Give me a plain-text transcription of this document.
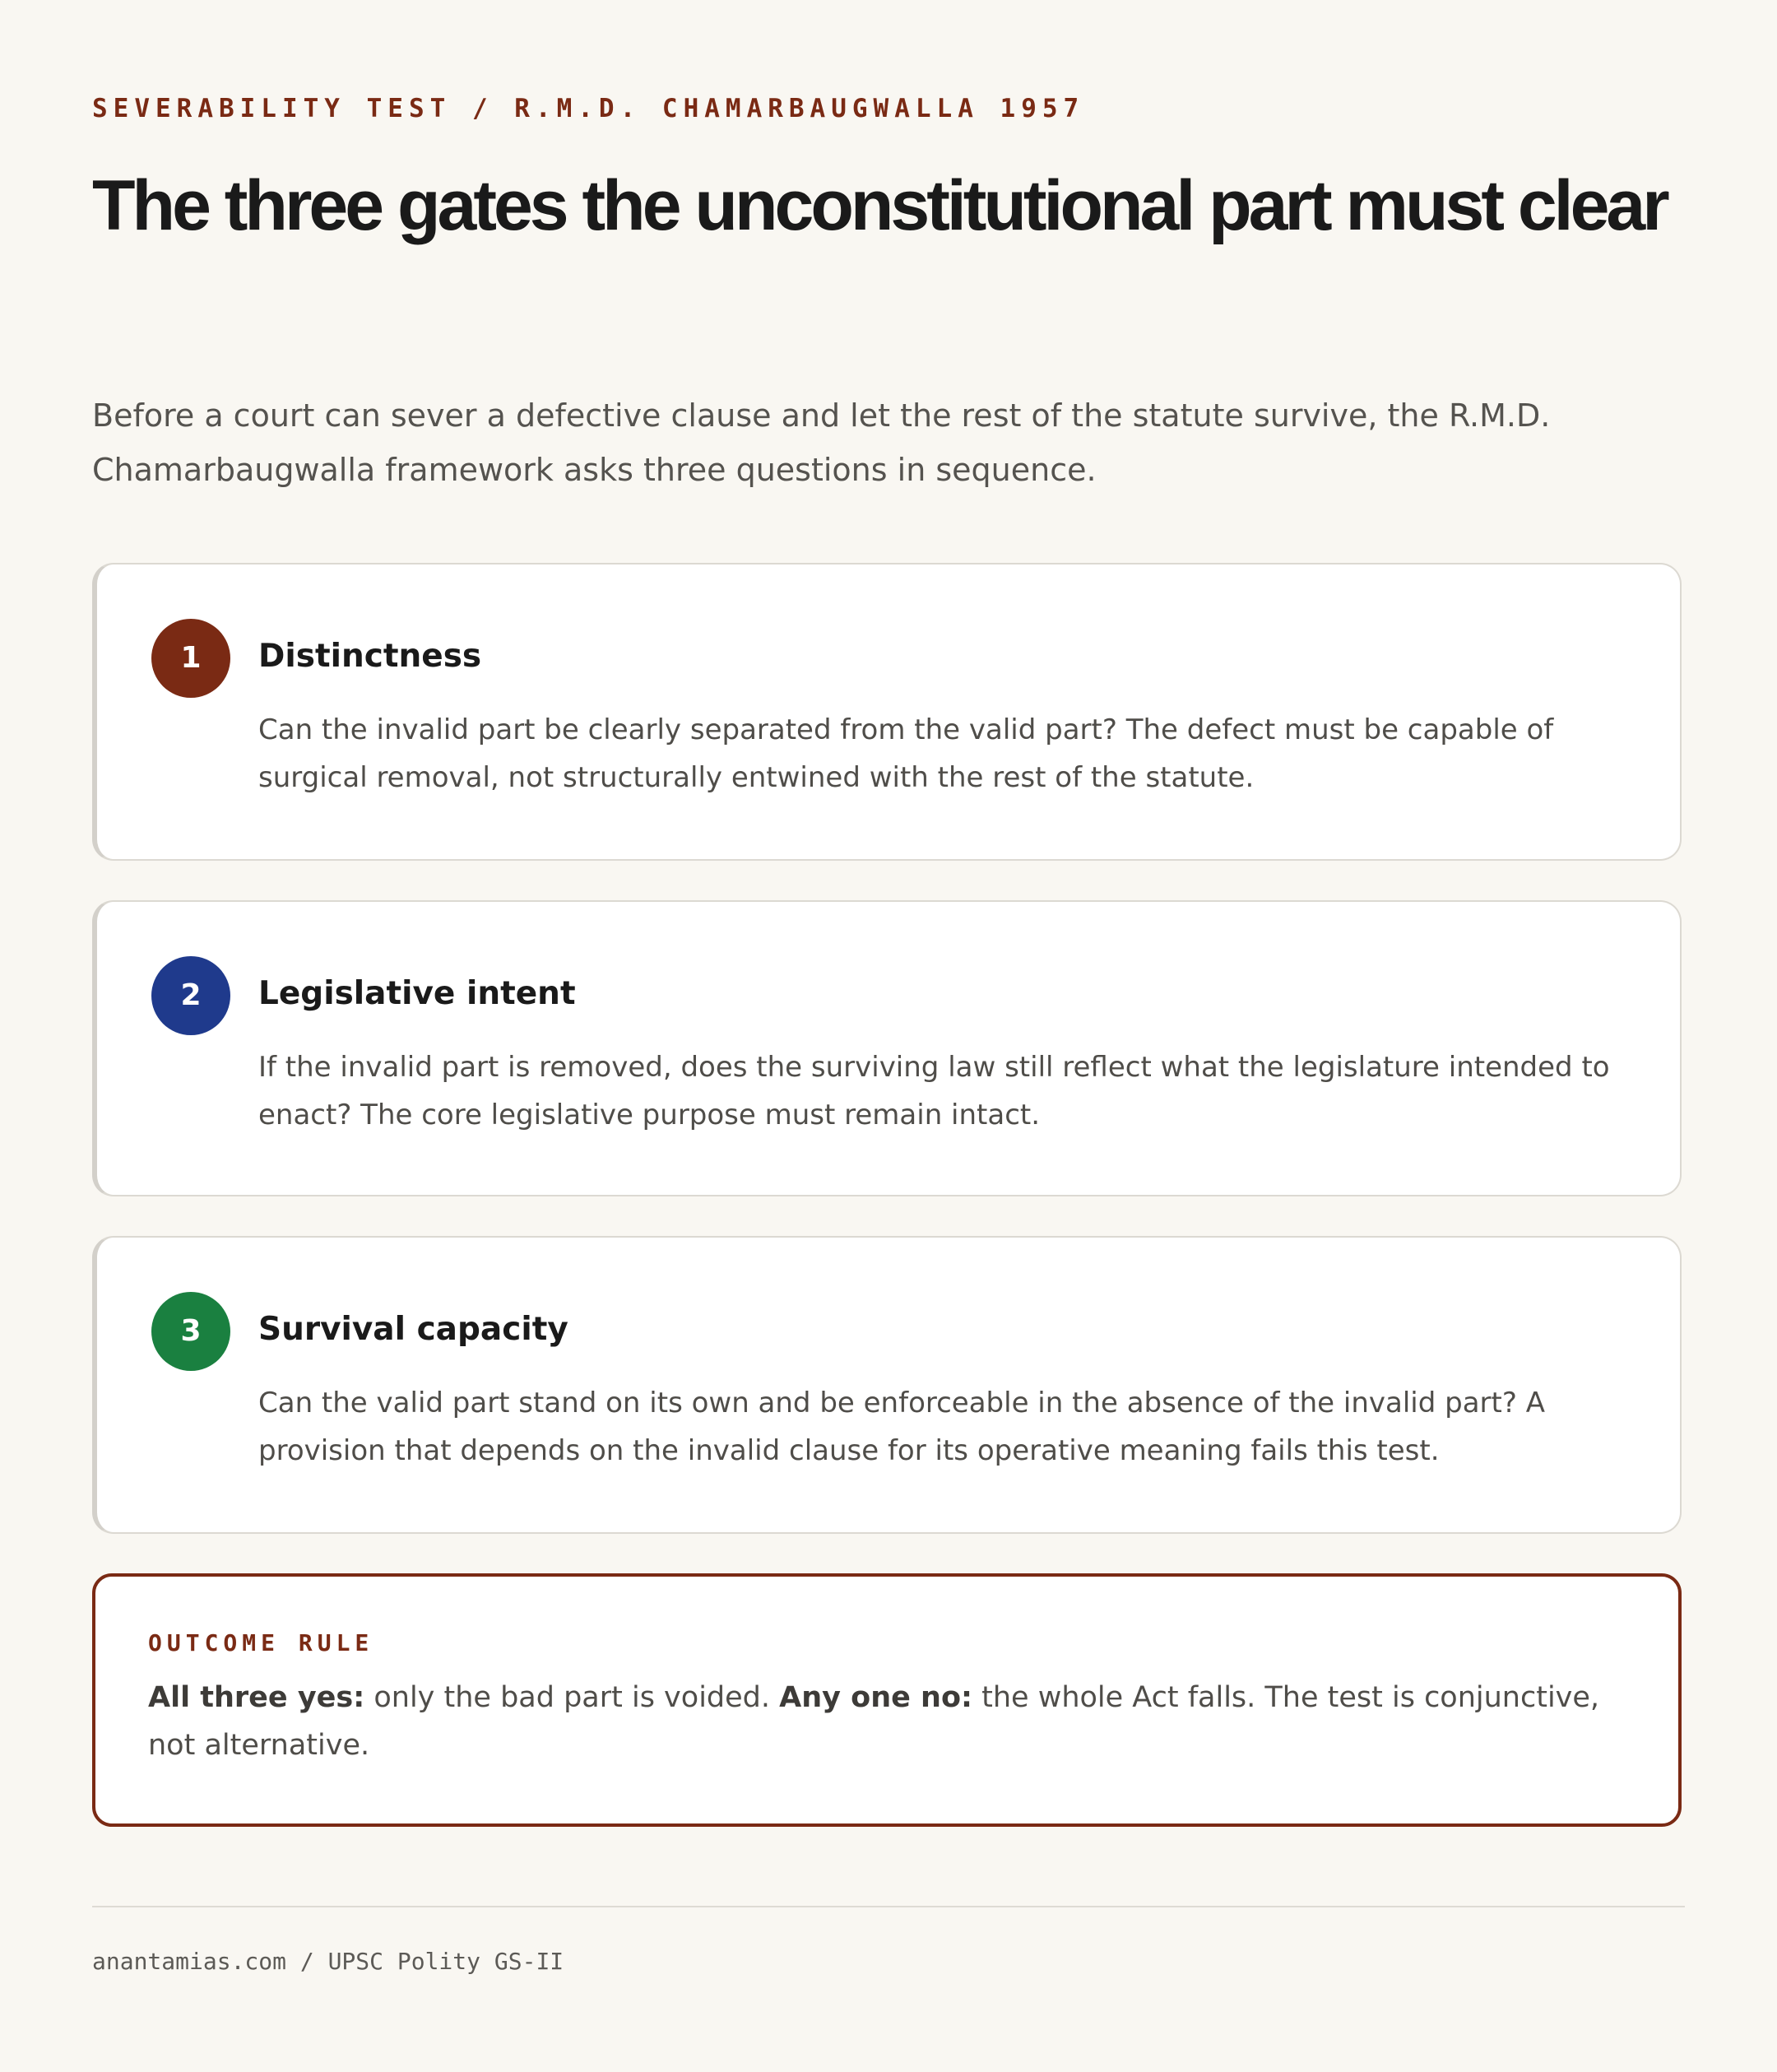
SEVERABILITY TEST / R.M.D. CHAMARBAUGWALLA 1957
The three gates the unconstitutional part must clear

Before a court can sever a defective clause and let the rest of the statute survive, the R.M.D. Chamarbaugwalla framework asks three questions in sequence.

1	Distinctness

Can the invalid part be clearly separated from the valid part? The defect must be capable of surgical removal, not structurally entwined with the rest of the statute.

2	Legislative intent

If the invalid part is removed, does the surviving law still reflect what the legislature intended to enact? The core legislative purpose must remain intact.

3	Survival capacity

Can the valid part stand on its own and be enforceable in the absence of the invalid part? A provision that depends on the invalid clause for its operative meaning fails this test.

OUTCOME RULE

All three yes: only the bad part is voided. Any one no: the whole Act falls. The test is conjunctive, not alternative.

anantamias.com / UPSC Polity GS-II
